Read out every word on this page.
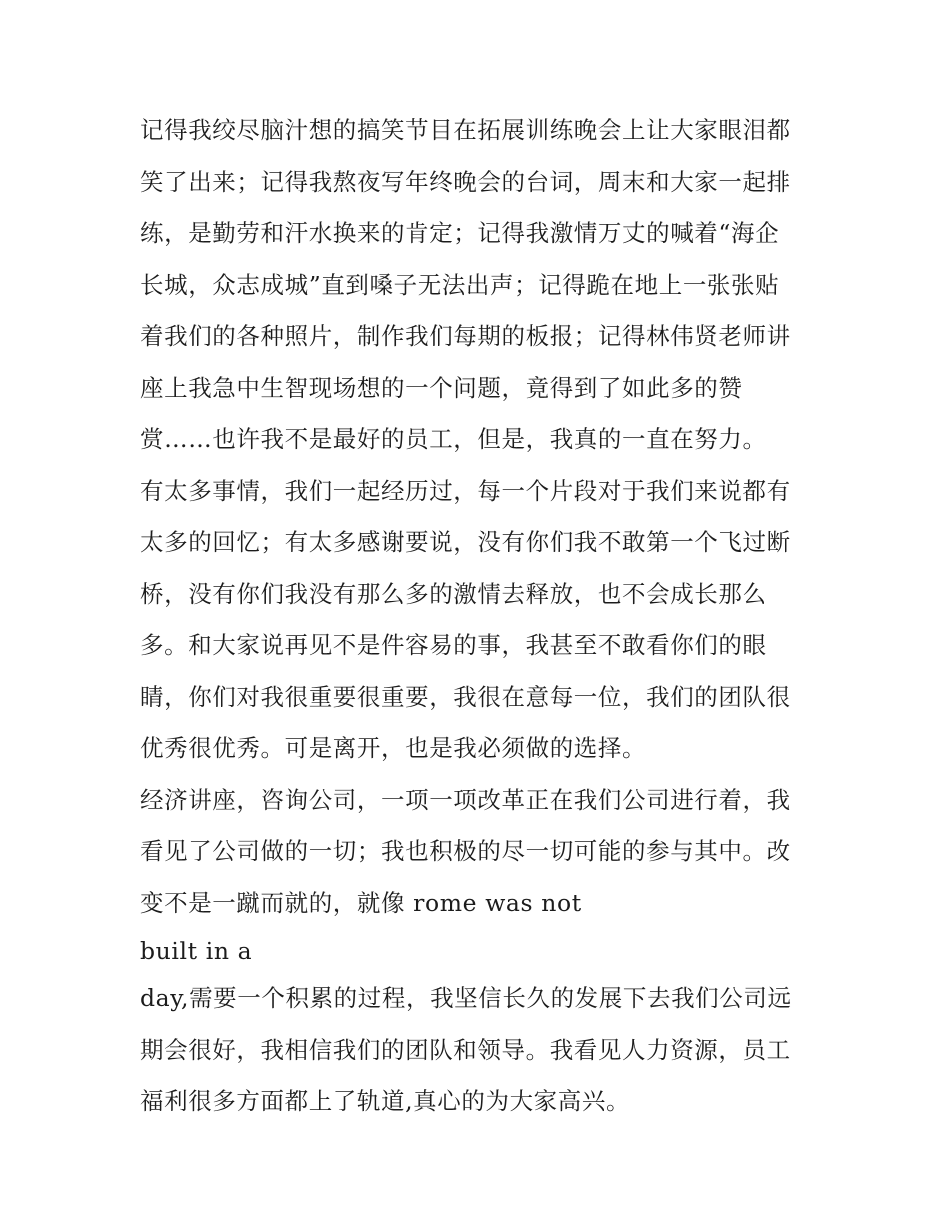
记得我绞尽脑汁想的搞笑节目在拓展训练晚会上让大家眼泪都
笑了出来；记得我熬夜写年终晚会的台词，周末和大家一起排
练，是勤劳和汗水换来的肯定；记得我激情万丈的喊着“海企
长城，众志成城”直到嗓子无法出声；记得跪在地上一张张贴
着我们的各种照片，制作我们每期的板报；记得林伟贤老师讲
座上我急中生智现场想的一个问题，竟得到了如此多的赞
赏……也许我不是最好的员工，但是，我真的一直在努力。
有太多事情，我们一起经历过，每一个片段对于我们来说都有
太多的回忆；有太多感谢要说，没有你们我不敢第一个飞过断
桥，没有你们我没有那么多的激情去释放，也不会成长那么
多。和大家说再见不是件容易的事，我甚至不敢看你们的眼
睛，你们对我很重要很重要，我很在意每一位，我们的团队很
优秀很优秀。可是离开，也是我必须做的选择。
经济讲座，咨询公司，一项一项改革正在我们公司进行着，我
看见了公司做的一切；我也积极的尽一切可能的参与其中。改
变不是一蹴而就的，就像 rome was not
built in a
day,需要一个积累的过程，我坚信长久的发展下去我们公司远
期会很好，我相信我们的团队和领导。我看见人力资源，员工
福利很多方面都上了轨道,真心的为大家高兴。
